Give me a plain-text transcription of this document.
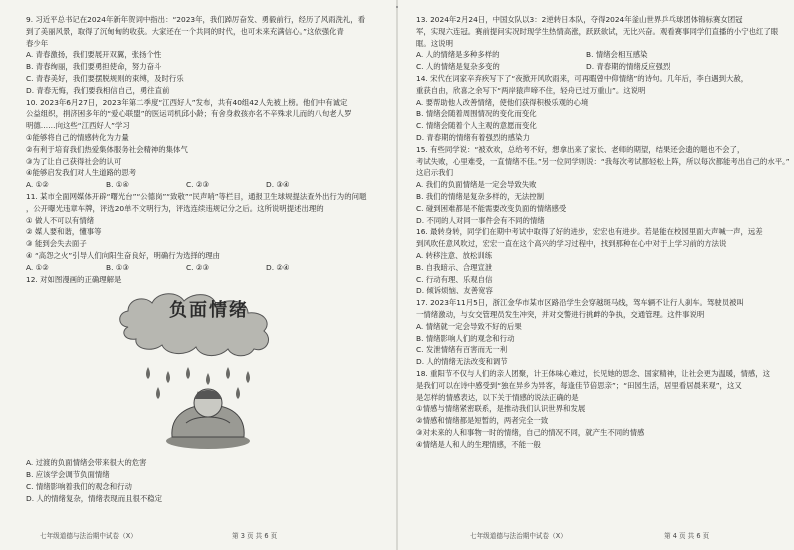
9. 习近平总书记在2024年新年贺词中指出：“2023年，我们踔厉奋发、勇毅前行，经历了风雨洗礼，看
到了美丽风景，取得了沉甸甸的收获。大家还在一个共同的时代，也可未来充满信心。”这依强化青
春少年
A. 青春激扬，我们要展开双翼，张扬个性
B. 青春绚丽，我们要勇担使命，努力奋斗
C. 青春美好，我们要摆脱规则的束缚，及时行乐
D. 青春无悔，我们要我相信自己，勇往直前
10. 2023年6月27日，2023年第二季度“江西好人”发布，共有40组42人先被上榜。他们中有诚定
公益组织，捐济困多年的“爱心联盟”的医运司机邱小龄；有舍身救孩亦名不辛殊求儿而的八旬老人罗
明德……向这些“江西好人”学习
①能够将自己的情感转化为力量
②有利于培育我们热爱集体服务社会精神的集体气
③为了让自己获得社会的认可
④能够启发我们对人生道路的思考
A. ①②	B. ①④	C. ②③	D. ③④
11. 某市全面网媒体开辟“曙光台”“公德岗”“致敬”“民声哨”等栏目，通报卫生球规提法查外出行为的问题
，公开曝光违章车牌，评选20单不文明行为，评选连续违规记分之后。这所说明提述出理的
① 做人不可以有情绪
② 媒人要和谐，懂事等
③ 能到会失去面子
④ “高怨之火”引导人们向阳生奋良好，明确行为选择的理由
A. ①②	B. ①③	C. ②③	D. ②④
12. 对如图漫画的正确理解是
负面情绪
A. 过渡的负面情绪会带来很大的危害
B. 应该学会调节负面情绪
C. 情绪影响着我们的观念和行动
D. 人的情绪复杂，情绪表现而且很不稳定
七年级道德与法治期中试卷（X）	第 3 页 共 6 页
13. 2024年2月24日，中国女队以3：2逆转日本队，夺得2024年釜山世界乒乓球团体锦标赛女团冠
军，实现六连冠。赛前提问实况时现学生热情高涨，跃跃欲试，无比兴奋。观看赛事同学们直播的小宁也红了眼
眶。这说明
A. 人的情绪是多种多样的	B. 情绪会相互感染
C. 人的情绪是复杂多变的	D. 青春期的情绪反应强烈
14. 宋代在词家辛弃疾写下了“夜掀开风吹雨来，可再暇曾中仰情绪”的诗句。几年后，李白遇到大赦，
重获自由，欣喜之余写下“两岸猿声啼不住，轻舟已过万重山”。这说明
A. 要帮助他人改善情绪，使他们获得积极乐观的心境
B. 情绪会随着周围情况的变化而变化
C. 情绪会随着个人主观的意愿而变化
D. 青春期的情绪有着强烈的感染力
15. 有些同学说：“被欢欢，总给考不好，想拿出来了家长、老师的期望，结果还会遗的题也不会了，
考试失败，心里难受，一直情绪不佳。”另一位同学则说：“我每次考试都轻松上阵，所以每次都能考出自己的水平。”
这启示我们
A. 我们的负面情绪是一定会导致失败
B. 我们的情绪是复杂多样的，无法控制
C. 碰到困难都是不能需要改变负面的情绪感受
D. 不同的人对同一事件会有不同的情绪
16. 最转身转，同学们在期中考试中取得了好的进步，宏宏也有进步。若是能在校园里面大声喊一声，远差
到风吹任意风吹过，宏宏一直在这个高兴的学习过程中，找到那种在心中对于上学习前的方法说
A. 转移注意、放松训练
B. 自我暗示、合理宣泄
C. 行动有理、乐观自信
D. 倾诉烦恼、友善宽容
17. 2023年11月5日，浙江金华市某市区路沿学生会穿越斑马线，驾车辆不让行人刹车。驾驶员被叫
一情绪激动，与女交管理员发生冲突，并对交警进行挑衅的争执，交通管理。这件事说明
A. 情绪就一定会导致不好的后果
B. 情绪影响人们的观念和行动
C. 发泄情绪有百害而无一利
D. 人的情绪无法改变和调节
18. 重阳节不仅与人们的亲人团聚，计王体味心难过，长见她的思念、国家精神，让社会更为温暖，情感，这
是我们可以在诗中感受到“独在异乡为异客，每逢佳节倍思亲”；“田园生活，居里看居晨来观”，这又
是怎样的情感表达，以下关于情感的说法正确的是
①情感与情绪紧密联系，是推动我们认识世界和发展
②情感和情绪都是短暂的，两者完全一致
③对未来的人和事物一时的情绪，自己的情况不同，就产生不同的情感
④情绪是人和人的生理情感，不能一般
七年级道德与法治期中试卷（X）	第 4 页 共 6 页
